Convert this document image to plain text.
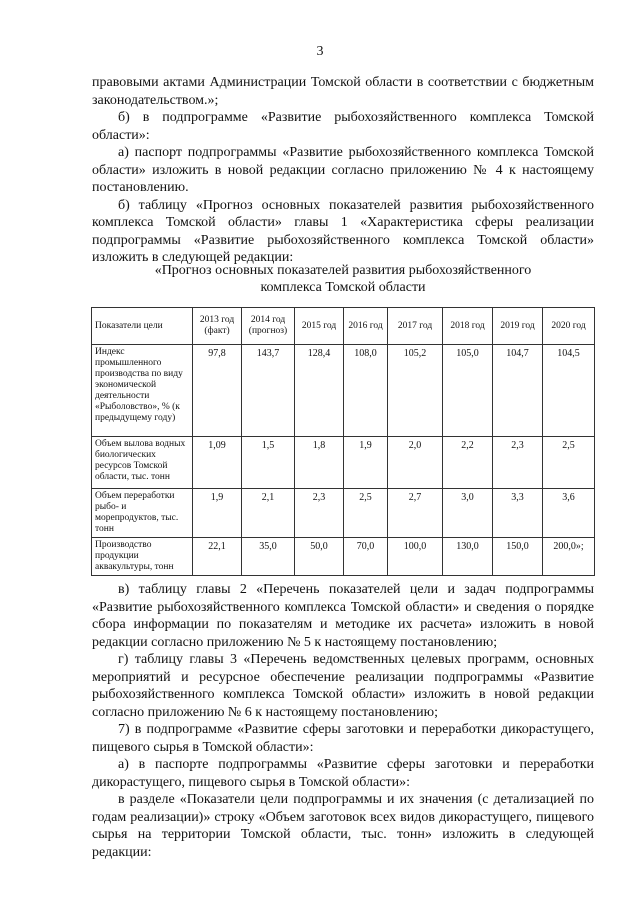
3

правовыми актами Администрации Томской области в соответствии с бюджетным законодательством.»;

б) в подпрограмме «Развитие рыбохозяйственного комплекса Томской области»:

а) паспорт подпрограммы «Развитие рыбохозяйственного комплекса Томской области» изложить в новой редакции согласно приложению № 4 к настоящему постановлению.

б) таблицу «Прогноз основных показателей развития рыбохозяйственного комплекса Томской области» главы 1 «Характеристика сферы реализации подпрограммы «Развитие рыбохозяйственного комплекса Томской области» изложить в следующей редакции:

«Прогноз основных показателей развития рыбохозяйственного
комплекса Томской области
Показатели цели	2013 год (факт)	2014 год (прогноз)	2015 год	2016 год	2017 год	2018 год	2019 год	2020 год
Индекс промышленного производства по виду экономической деятельности «Рыболовство», % (к предыдущему году)	97,8	143,7	128,4	108,0	105,2	105,0	104,7	104,5
Объем вылова водных биологических ресурсов Томской области, тыс. тонн	1,09	1,5	1,8	1,9	2,0	2,2	2,3	2,5
Объем переработки рыбо- и морепродуктов, тыс. тонн	1,9	2,1	2,3	2,5	2,7	3,0	3,3	3,6
Производство продукции аквакультуры, тонн	22,1	35,0	50,0	70,0	100,0	130,0	150,0	200,0»;

в) таблицу главы 2 «Перечень показателей цели и задач подпрограммы «Развитие рыбохозяйственного комплекса Томской области» и сведения о порядке сбора информации по показателям и методике их расчета» изложить в новой редакции согласно приложению № 5 к настоящему постановлению;

г) таблицу главы 3 «Перечень ведомственных целевых программ, основных мероприятий и ресурсное обеспечение реализации подпрограммы «Развитие рыбохозяйственного комплекса Томской области» изложить в новой редакции согласно приложению № 6 к настоящему постановлению;

7) в подпрограмме «Развитие сферы заготовки и переработки дикорастущего, пищевого сырья в Томской области»:

а) в паспорте подпрограммы «Развитие сферы заготовки и переработки дикорастущего, пищевого сырья в Томской области»:

в разделе «Показатели цели подпрограммы и их значения (с детализацией по годам реализации)» строку «Объем заготовок всех видов дикорастущего, пищевого сырья на территории Томской области, тыс. тонн» изложить в следующей редакции:
